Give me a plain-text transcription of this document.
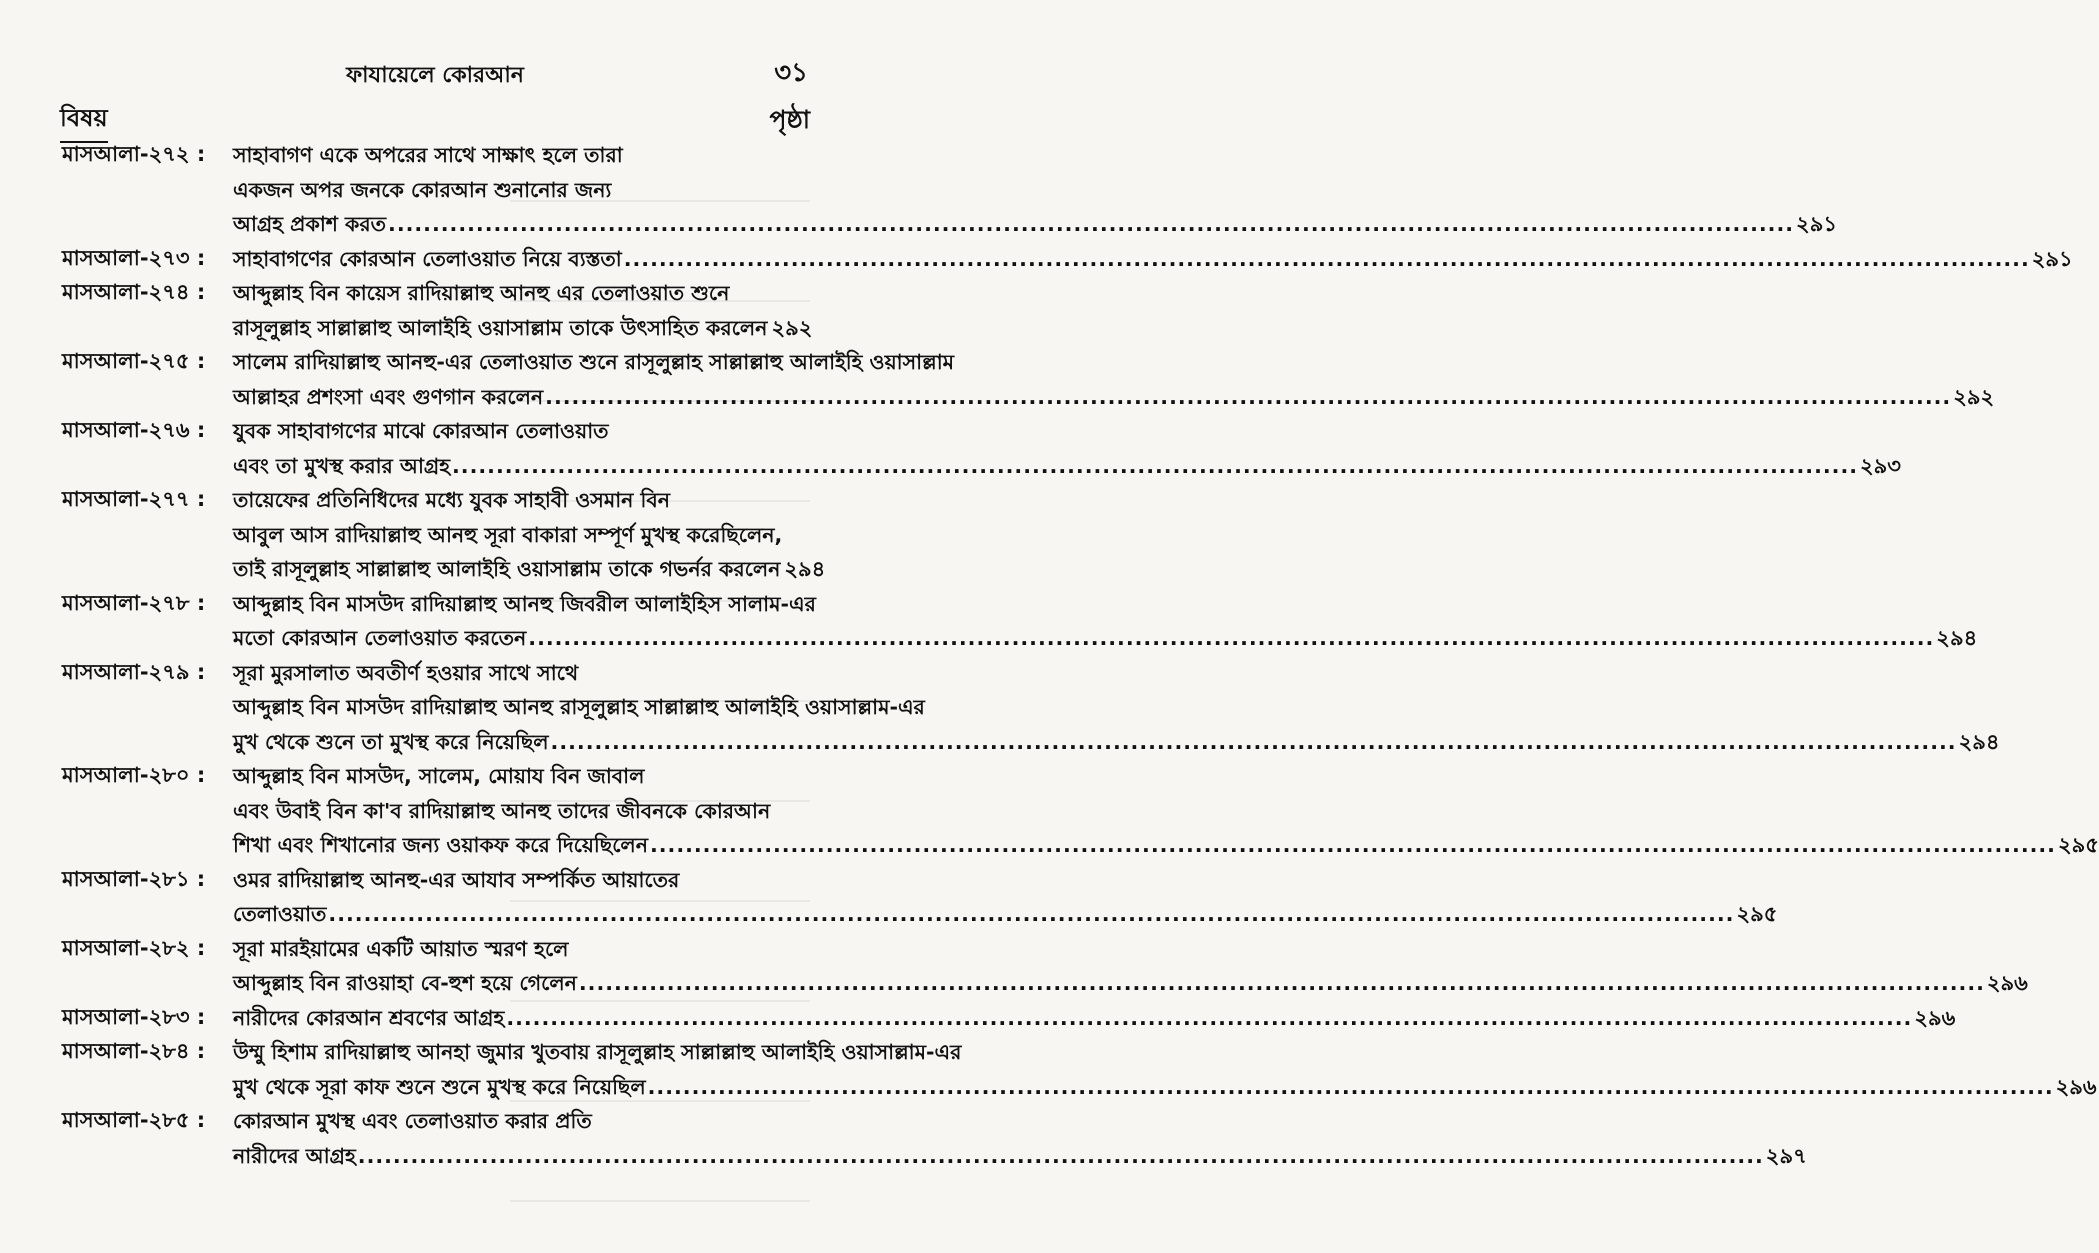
ফাযায়েলে কোরআন	৩১
বিষয়	পৃষ্ঠা
মাসআলা-২৭২ :	সাহাবাগণ একে অপরের সাথে সাক্ষাৎ হলে তারা
একজন অপর জনকে কোরআন শুনানোর জন্য
আগ্রহ প্রকাশ করত ................................................................................................................................................................ ২৯১
মাসআলা-২৭৩ :	সাহাবাগণের কোরআন তেলাওয়াত নিয়ে ব্যস্ততা ................................................................................................................................................................ ২৯১
মাসআলা-২৭৪ :	আব্দুল্লাহ বিন কায়েস রাদিয়াল্লাহু আনহু এর তেলাওয়াত শুনে
রাসূলুল্লাহ সাল্লাল্লাহু আলাইহি ওয়াসাল্লাম তাকে উৎসাহিত করলেন ২৯২
মাসআলা-২৭৫ :	সালেম রাদিয়াল্লাহু আনহু-এর তেলাওয়াত শুনে রাসূলুল্লাহ সাল্লাল্লাহু আলাইহি ওয়াসাল্লাম
আল্লাহর প্রশংসা এবং গুণগান করলেন ................................................................................................................................................................ ২৯২
মাসআলা-২৭৬ :	যুবক সাহাবাগণের মাঝে কোরআন তেলাওয়াত
এবং তা মুখস্থ করার আগ্রহ ................................................................................................................................................................ ২৯৩
মাসআলা-২৭৭ :	তায়েফের প্রতিনিধিদের মধ্যে যুবক সাহাবী ওসমান বিন
আবুল আস রাদিয়াল্লাহু আনহু সূরা বাকারা সম্পূর্ণ মুখস্থ করেছিলেন,
তাই রাসূলুল্লাহ সাল্লাল্লাহু আলাইহি ওয়াসাল্লাম তাকে গভর্নর করলেন ২৯৪
মাসআলা-২৭৮ :	আব্দুল্লাহ বিন মাসউদ রাদিয়াল্লাহু আনহু জিবরীল আলাইহিস সালাম-এর
মতো কোরআন তেলাওয়াত করতেন ................................................................................................................................................................ ২৯৪
মাসআলা-২৭৯ :	সূরা মুরসালাত অবতীর্ণ হওয়ার সাথে সাথে
আব্দুল্লাহ বিন মাসউদ রাদিয়াল্লাহু আনহু রাসূলুল্লাহ সাল্লাল্লাহু আলাইহি ওয়াসাল্লাম-এর
মুখ থেকে শুনে তা মুখস্থ করে নিয়েছিল ................................................................................................................................................................ ২৯৪
মাসআলা-২৮০ :	আব্দুল্লাহ বিন মাসউদ, সালেম, মোয়ায বিন জাবাল
এবং উবাই বিন কা'ব রাদিয়াল্লাহু আনহু তাদের জীবনকে কোরআন
শিখা এবং শিখানোর জন্য ওয়াকফ করে দিয়েছিলেন ................................................................................................................................................................ ২৯৫
মাসআলা-২৮১ :	ওমর রাদিয়াল্লাহু আনহু-এর আযাব সম্পর্কিত আয়াতের
তেলাওয়াত ................................................................................................................................................................ ২৯৫
মাসআলা-২৮২ :	সূরা মারইয়ামের একটি আয়াত স্মরণ হলে
আব্দুল্লাহ বিন রাওয়াহা বে-হুশ হয়ে গেলেন ................................................................................................................................................................ ২৯৬
মাসআলা-২৮৩ :	নারীদের কোরআন শ্রবণের আগ্রহ ................................................................................................................................................................ ২৯৬
মাসআলা-২৮৪ :	উম্মু হিশাম রাদিয়াল্লাহু আনহা জুমার খুতবায় রাসূলুল্লাহ সাল্লাল্লাহু আলাইহি ওয়াসাল্লাম-এর
মুখ থেকে সূরা কাফ শুনে শুনে মুখস্থ করে নিয়েছিল ................................................................................................................................................................ ২৯৬
মাসআলা-২৮৫ :	কোরআন মুখস্থ এবং তেলাওয়াত করার প্রতি
নারীদের আগ্রহ ................................................................................................................................................................ ২৯৭
